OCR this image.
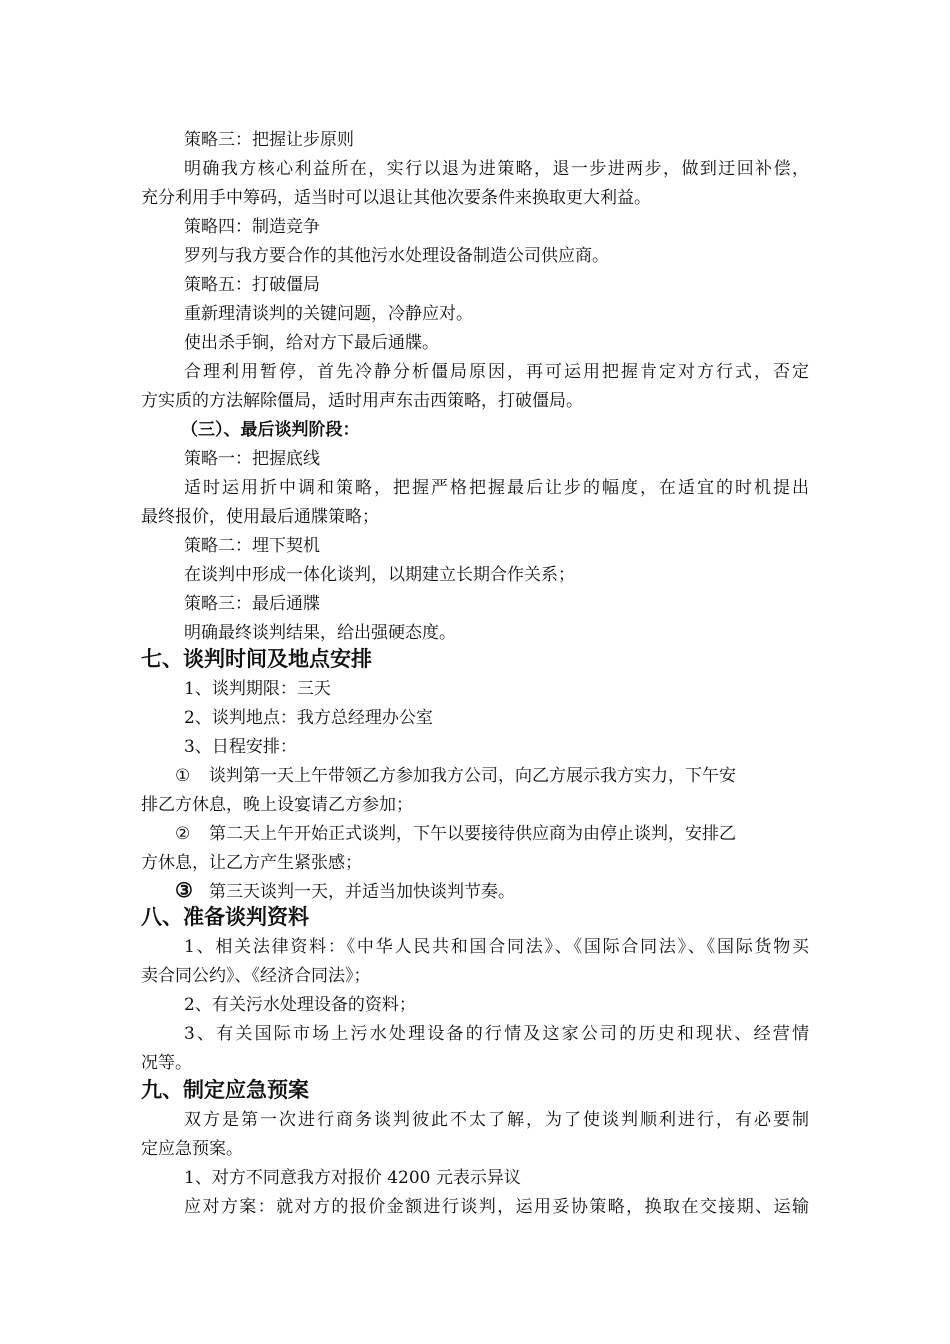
策略三：把握让步原则
明确我方核心利益所在，实行以退为进策略，退一步进两步，做到迂回补偿，
充分利用手中筹码，适当时可以退让其他次要条件来换取更大利益。
策略四：制造竞争
罗列与我方要合作的其他污水处理设备制造公司供应商。
策略五：打破僵局
重新理清谈判的关键问题，冷静应对。
使出杀手锏，给对方下最后通牒。
合理利用暂停，首先冷静分析僵局原因，再可运用把握肯定对方行式，否定
方实质的方法解除僵局，适时用声东击西策略，打破僵局。
（三）、最后谈判阶段：
策略一：把握底线
适时运用折中调和策略，把握严格把握最后让步的幅度，在适宜的时机提出
最终报价，使用最后通牒策略；
策略二：埋下契机
在谈判中形成一体化谈判，以期建立长期合作关系；
策略三：最后通牒
明确最终谈判结果，给出强硬态度。
七、谈判时间及地点安排
1、谈判期限：三天
2、谈判地点：我方总经理办公室
3、日程安排：
① 谈判第一天上午带领乙方参加我方公司，向乙方展示我方实力，下午安
排乙方休息，晚上设宴请乙方参加；
② 第二天上午开始正式谈判，下午以要接待供应商为由停止谈判，安排乙
方休息，让乙方产生紧张感；
③ 第三天谈判一天，并适当加快谈判节奏。
八、准备谈判资料
1、相关法律资料：《中华人民共和国合同法》、《国际合同法》、《国际货物买
卖合同公约》、《经济合同法》；
2、有关污水处理设备的资料；
3、有关国际市场上污水处理设备的行情及这家公司的历史和现状、经营情
况等。
九、制定应急预案
双方是第一次进行商务谈判彼此不太了解，为了使谈判顺利进行，有必要制
定应急预案。
1、对方不同意我方对报价 4200 元表示异议
应对方案：就对方的报价金额进行谈判，运用妥协策略，换取在交接期、运输
